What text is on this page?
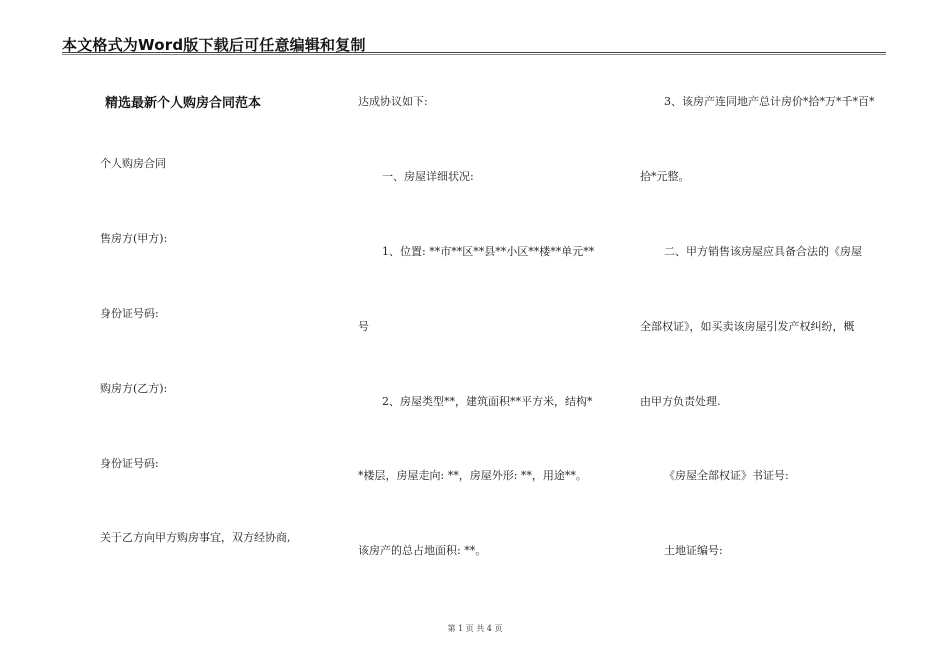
本文格式为Word版下载后可任意编辑和复制
精选最新个人购房合同范本
个人购房合同
售房方(甲方):
身份证号码:
购房方(乙方):
身份证号码:
关于乙方向甲方购房事宜，双方经协商,
达成协议如下:
一、房屋详细状况:
1、位置: **市**区**县**小区**楼**单元**
号
2、房屋类型**，建筑面积**平方米，结构*
*楼层，房屋走向: **，房屋外形: **，用途**。
该房产的总占地面积: **。
3、该房产连同地产总计房价*拾*万*千*百*
拾*元整。
二、甲方销售该房屋应具备合法的《房屋
全部权证》，如买卖该房屋引发产权纠纷，概
由甲方负责处理.
《房屋全部权证》书证号:
土地证编号:
第 1 页 共 4 页
